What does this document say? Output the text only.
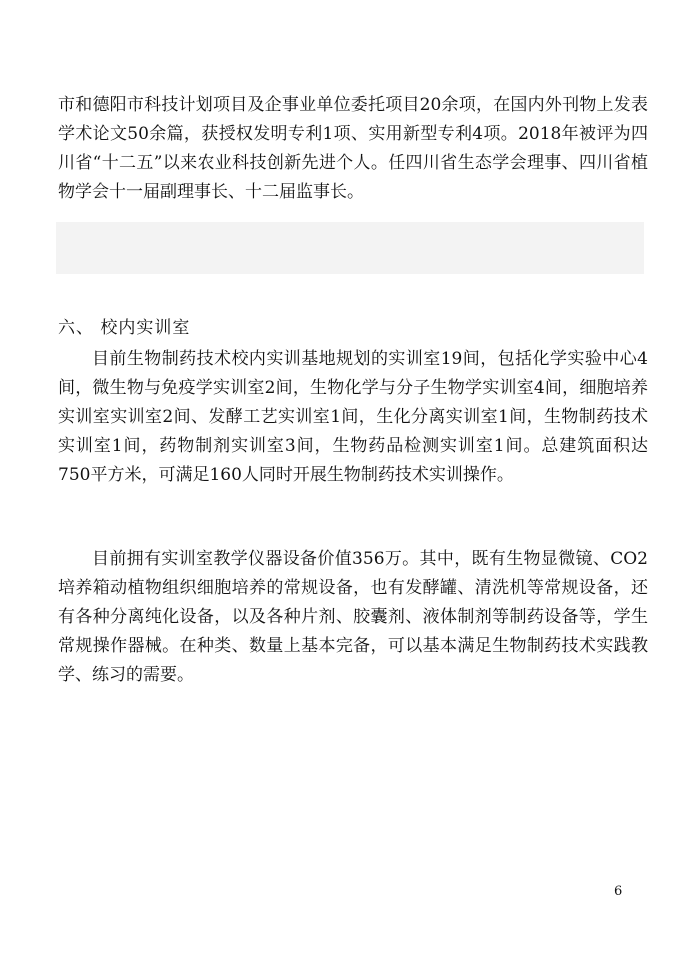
市和德阳市科技计划项目及企事业单位委托项目20余项，在国内外刊物上发表学术论文50余篇，获授权发明专利1项、实用新型专利4项。2018年被评为四川省“十二五”以来农业科技创新先进个人。任四川省生态学会理事、四川省植物学会十一届副理事长、十二届监事长。

六、 校内实训室

目前生物制药技术校内实训基地规划的实训室19间，包括化学实验中心4间，微生物与免疫学实训室2间，生物化学与分子生物学实训室4间，细胞培养实训室实训室2间、发酵工艺实训室1间，生化分离实训室1间，生物制药技术实训室1间，药物制剂实训室3间，生物药品检测实训室1间。总建筑面积达750平方米，可满足160人同时开展生物制药技术实训操作。

目前拥有实训室教学仪器设备价值356万。其中，既有生物显微镜、CO2培养箱动植物组织细胞培养的常规设备，也有发酵罐、清洗机等常规设备，还有各种分离纯化设备，以及各种片剂、胶囊剂、液体制剂等制药设备等，学生常规操作器械。在种类、数量上基本完备，可以基本满足生物制药技术实践教学、练习的需要。

6
